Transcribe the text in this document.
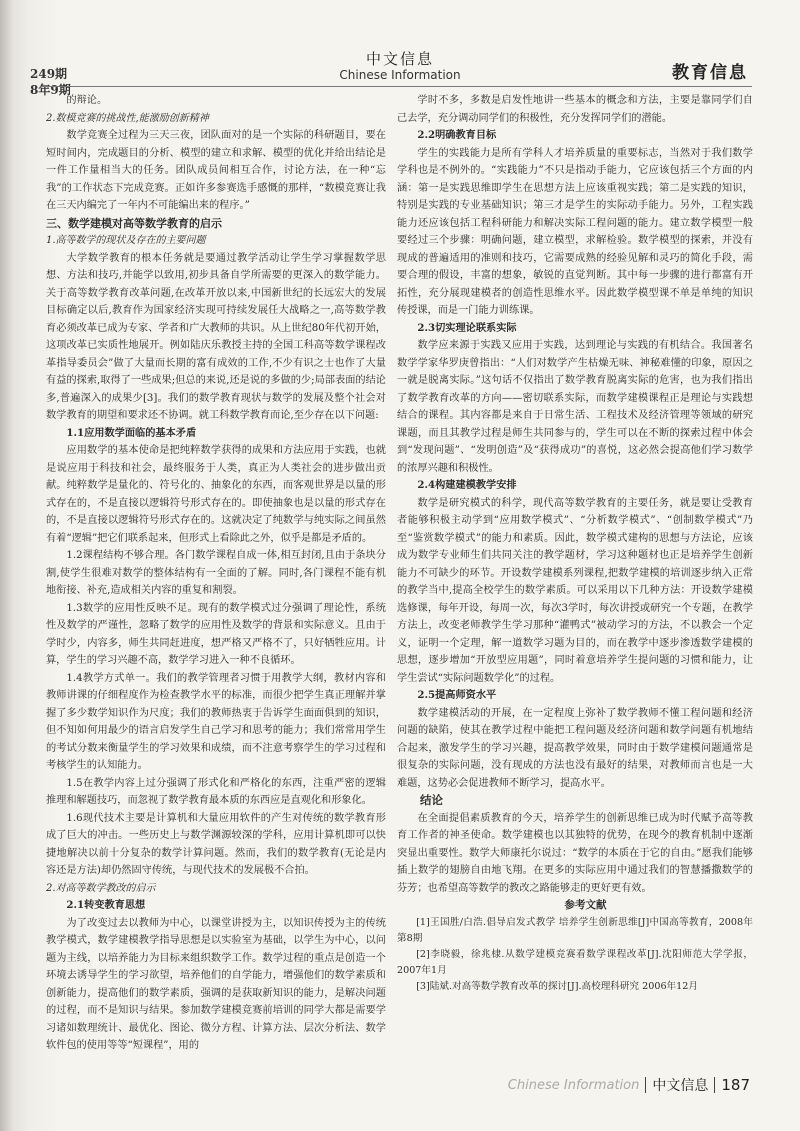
249期
8年9期
中文信息
Chinese Information	教育信息

的辩论。

2.数模竞赛的挑战性,能激励创新精神

数学竞赛全过程为三天三夜，团队面对的是一个实际的科研题目，要在短时间内，完成题目的分析、模型的建立和求解、模型的优化并给出结论是一件工作量相当大的任务。团队成员间相互合作，讨论方法，在一种“忘我”的工作状态下完成竞赛。正如许多参赛选手感慨的那样，“数模竞赛让我在三天内编完了一年内不可能编出来的程序。”

三、数学建模对高等数学教育的启示

1.高等数学的现状及存在的主要问题

大学数学教育的根本任务就是要通过教学活动让学生学习掌握数学思想、方法和技巧,并能学以致用,初步具备自学所需要的更深入的数学能力。关于高等数学教育改革问题,在改革开放以来,中国新世纪的长远宏大的发展目标确定以后,教育作为国家经济实现可持续发展任大战略之一,高等数学教育必须改革已成为专家、学者和广大教师的共识。从上世纪80年代初开始，这项改革已实质性地展开。例如陆庆乐教授主持的全国工科高等数学课程改革指导委员会”做了大量而长期的富有成效的工作,不少有识之士也作了大量有益的探索,取得了一些成果;但总的来说,还是说的多做的少;局部表面的结论多,普遍深入的成果少[3]。我们的数学教育现状与数学的发展及整个社会对数学教育的期望和要求还不协调。就工科数学教育而论,至少存在以下问题:

1.1应用数学面临的基本矛盾

应用数学的基本使命是把纯粹数学获得的成果和方法应用于实践，也就是说应用于科技和社会，最终服务于人类，真正为人类社会的进步做出贡献。纯粹数学是量化的、符号化的、抽象化的东西，而客观世界是以量的形式存在的，不是直接以逻辑符号形式存在的。即使抽象也是以量的形式存在的，不是直接以逻辑符号形式存在的。这就决定了纯数学与纯实际之间虽然有着“逻辑”把它们联系起来，但形式上看除此之外，似乎是都是矛盾的。

1.2课程结构不够合理。各门数学课程自成一体,相互封闭,且由于条块分割,使学生很难对数学的整体结构有一全面的了解。同时,各门课程不能有机地衔接、补充,造成相关内容的重复和割裂。

1.3数学的应用性反映不足。现有的数学模式过分强调了理论性，系统性及数学的严谨性，忽略了数学的应用性及数学的背景和实际意义。且由于学时少，内容多，师生共同赶进度，想严格又严格不了，只好牺牲应用。计算，学生的学习兴趣不高，数学学习进入一种不良循环。

1.4教学方式单一。我们的教学管理者习惯于用教学大纲，教材内容和教师讲课的仔细程度作为检查教学水平的标准，而很少把学生真正理解并掌握了多少数学知识作为尺度；我们的教师热衷于告诉学生面面俱到的知识，但不知如何用最少的语言启发学生自己学习和思考的能力；我们常常用学生的考试分数来衡量学生的学习效果和成绩，而不注意考察学生的学习过程和考核学生的认知能力。

1.5在教学内容上过分强调了形式化和严格化的东西，注重严密的逻辑推理和解题技巧，而忽视了数学教育最本质的东西应是直观化和形象化。

1.6现代技术主要是计算机和大量应用软件的产生对传统的数学教育形成了巨大的冲击。一些历史上与数学渊源较深的学科，应用计算机即可以快捷地解决以前十分复杂的数学计算问题。然而，我们的数学教育(无论是内容还是方法)却仍然固守传统，与现代技术的发展极不合拍。

2.对高等数学教改的启示

2.1转变教育思想

为了改变过去以教师为中心，以课堂讲授为主，以知识传授为主的传统教学模式，数学建模教学指导思想是以实验室为基础，以学生为中心，以问题为主线，以培养能力为目标来组织数学工作。数学过程的重点是创造一个环境去诱导学生的学习欲望，培养他们的自学能力，增强他们的数学素质和创新能力，提高他们的数学素质，强调的是获取新知识的能力，是解决问题的过程，而不是知识与结果。参加数学建模竞赛前培训的同学大都是需要学习诸如数理统计、最优化、图论、微分方程、计算方法、层次分析法、数学软件包的使用等等“短课程”，用的

学时不多，多数是启发性地讲一些基本的概念和方法，主要是靠同学们自己去学，充分调动同学们的积极性，充分发挥同学们的潜能。

2.2明确教育目标

学生的实践能力是所有学科人才培养质量的重要标志，当然对于我们数学学科也是不例外的。“实践能力”不只是指动手能力，它应该包括三个方面的内涵：第一是实践思维即学生在思想方法上应该重视实践；第二是实践的知识，特别是实践的专业基础知识；第三才是学生的实际动手能力。另外，工程实践能力还应该包括工程科研能力和解决实际工程问题的能力。建立数学模型一般要经过三个步骤：明确问题，建立模型，求解检验。数学模型的探索，并没有现成的普遍适用的准则和技巧，它需要成熟的经验见解和灵巧的简化手段，需要合理的假设，丰富的想象，敏锐的直觉判断。其中每一步骤的进行都富有开拓性，充分展现建模者的创造性思维水平。因此数学模型课不单是单纯的知识传授课，而是一门能力训练课。

2.3切实理论联系实际

数学应来源于实践又应用于实践，达到理论与实践的有机结合。我国著名数学学家华罗庚曾指出：“人们对数学产生枯燥无味、神秘难懂的印象，原因之一就是脱离实际。”这句话不仅指出了数学教育脱离实际的危害，也为我们指出了数学教育改革的方向——密切联系实际，而数学建模课程正是理论与实践想结合的课程。其内容都是来自于日常生活、工程技术及经济管理等领域的研究课题，而且其教学过程是师生共同参与的，学生可以在不断的探索过程中体会到“发现问题”、“发明创造”及“获得成功”的喜悦，这必然会提高他们学习数学的浓厚兴趣和积极性。

2.4构建建模教学安排

数学是研究模式的科学，现代高等数学教育的主要任务，就是要让受教育者能够积极主动学到“应用数学模式”、“分析数学模式”、“创制数学模式”乃至“鉴赏数学模式”的能力和素质。因此，数学模式建构的思想与方法论，应该成为数学专业师生们共同关注的教学题材，学习这种题材也正是培养学生创新能力不可缺少的环节。开设数学建模系列课程,把数学建模的培训逐步纳入正常的教学当中,提高全校学生的数学素质。可以采用以下几种方法：开设数学建模选修课，每年开设，每周一次，每次3学时，每次讲授或研究一个专题，在教学方法上，改变老师教学生学习那种“灌鸭式”被动学习的方法，不以教会一个定义，证明一个定理，解一道数学习题为目的，而在教学中逐步渗透数学建模的思想，逐步增加“开放型应用题”，同时着意培养学生提问题的习惯和能力，让学生尝试“实际问题数学化”的过程。

2.5提高师资水平

数学建模活动的开展，在一定程度上弥补了数学教师不懂工程问题和经济问题的缺陷，使其在教学过程中能把工程问题及经济问题和数学问题有机地结合起来，激发学生的学习兴趣，提高教学效果，同时由于数学建模问题通常是很复杂的实际问题，没有现成的方法也没有最好的结果，对教师而言也是一大难题，这势必会促进教师不断学习，提高水平。

结论

在全面提倡素质教育的今天，培养学生的创新思维已成为时代赋予高等教育工作者的神圣使命。数学建模也以其独特的优势，在现今的教育机制中逐渐突显出重要性。数学大师康托尔说过：“数学的本质在于它的自由。”愿我们能够插上数学的翅膀自由地飞翔。在更多的实际应用中通过我们的智慧播撒数学的芬芳；也希望高等数学的教改之路能够走的更好更有效。

参考文献

[1]王国胜/白浩.倡导启发式教学 培养学生创新思维[J]中国高等教育，2008年第8期

[2]李晓毅，徐兆棣.从数学建模竞赛看数学课程改革[J].沈阳师范大学学报，2007年1月

[3]陆斌.对高等数学教育改革的探讨[J].高校理科研究 2006年12月

Chinese Information 中文信息 187
